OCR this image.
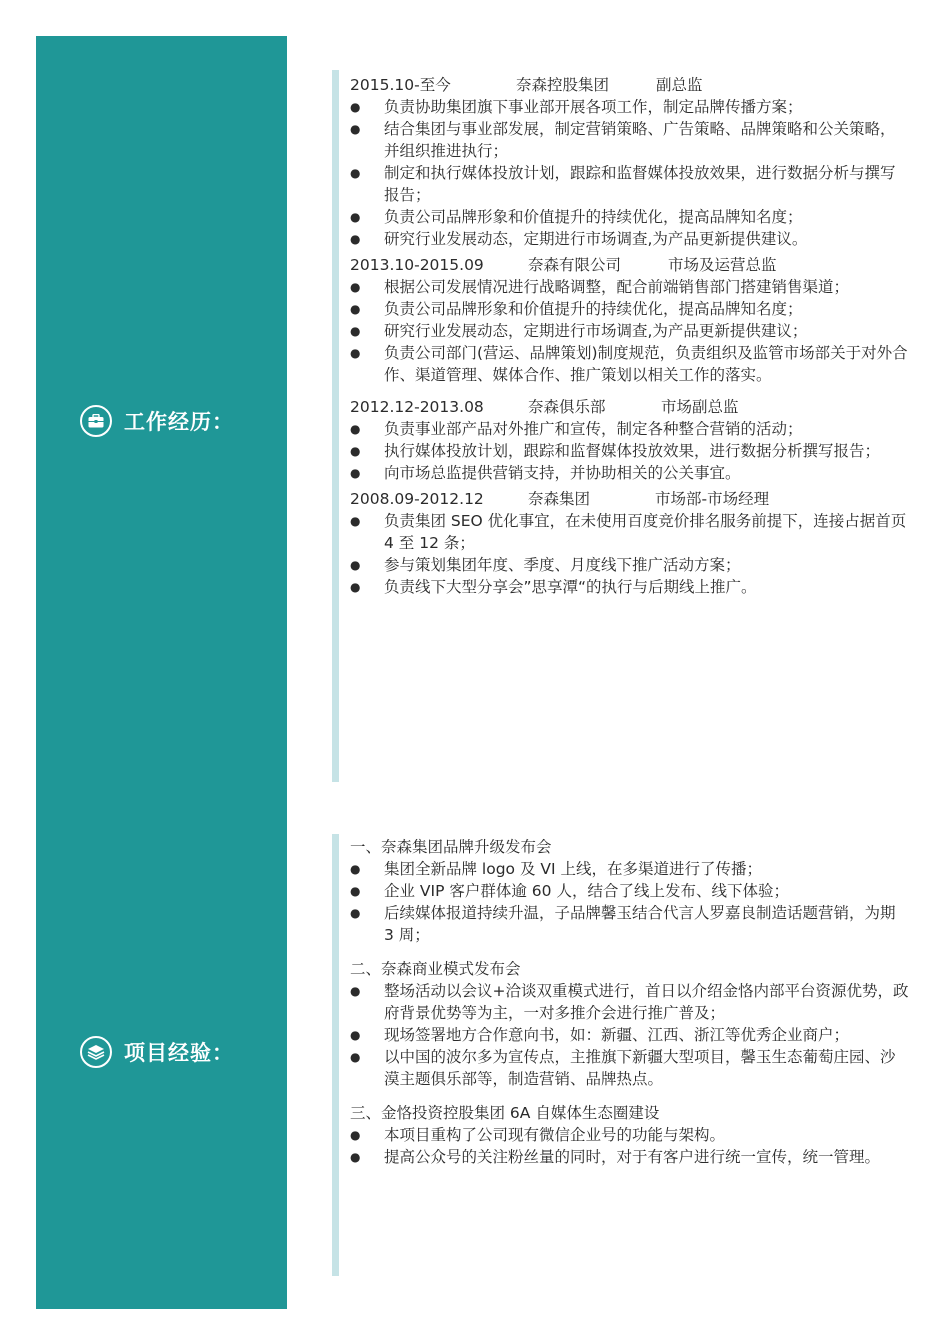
工作经历：
项目经验：
2015.10-至今	奈森控股集团	副总监
● 负责协助集团旗下事业部开展各项工作，制定品牌传播方案；
● 结合集团与事业部发展，制定营销策略、广告策略、品牌策略和公关策略，并组织推进执行；
● 制定和执行媒体投放计划，跟踪和监督媒体投放效果，进行数据分析与撰写报告；
● 负责公司品牌形象和价值提升的持续优化，提高品牌知名度；
● 研究行业发展动态，定期进行市场调查,为产品更新提供建议。
2013.10-2015.09	奈森有限公司	市场及运营总监
● 根据公司发展情况进行战略调整，配合前端销售部门搭建销售渠道；
● 负责公司品牌形象和价值提升的持续优化，提高品牌知名度；
● 研究行业发展动态，定期进行市场调查,为产品更新提供建议；
● 负责公司部门(营运、品牌策划)制度规范，负责组织及监管市场部关于对外合作、渠道管理、媒体合作、推广策划以相关工作的落实。
2012.12-2013.08	奈森俱乐部	市场副总监
● 负责事业部产品对外推广和宣传，制定各种整合营销的活动；
● 执行媒体投放计划，跟踪和监督媒体投放效果，进行数据分析撰写报告；
● 向市场总监提供营销支持，并协助相关的公关事宜。
2008.09-2012.12	奈森集团	市场部-市场经理
● 负责集团 SEO 优化事宜，在未使用百度竞价排名服务前提下，连接占据首页 4 至 12 条；
● 参与策划集团年度、季度、月度线下推广活动方案；
● 负责线下大型分享会”思享潭“的执行与后期线上推广。
一、奈森集团品牌升级发布会
● 集团全新品牌 logo 及 VI 上线，在多渠道进行了传播；
● 企业 VIP 客户群体逾 60 人，结合了线上发布、线下体验；
● 后续媒体报道持续升温，子品牌馨玉结合代言人罗嘉良制造话题营销，为期 3 周；
二、奈森商业模式发布会
● 整场活动以会议+洽谈双重模式进行，首日以介绍金恪内部平台资源优势，政府背景优势等为主，一对多推介会进行推广普及；
● 现场签署地方合作意向书，如：新疆、江西、浙江等优秀企业商户；
● 以中国的波尔多为宣传点，主推旗下新疆大型项目，馨玉生态葡萄庄园、沙漠主题俱乐部等，制造营销、品牌热点。
三、金恪投资控股集团 6A 自媒体生态圈建设
● 本项目重构了公司现有微信企业号的功能与架构。
● 提高公众号的关注粉丝量的同时，对于有客户进行统一宣传，统一管理。
